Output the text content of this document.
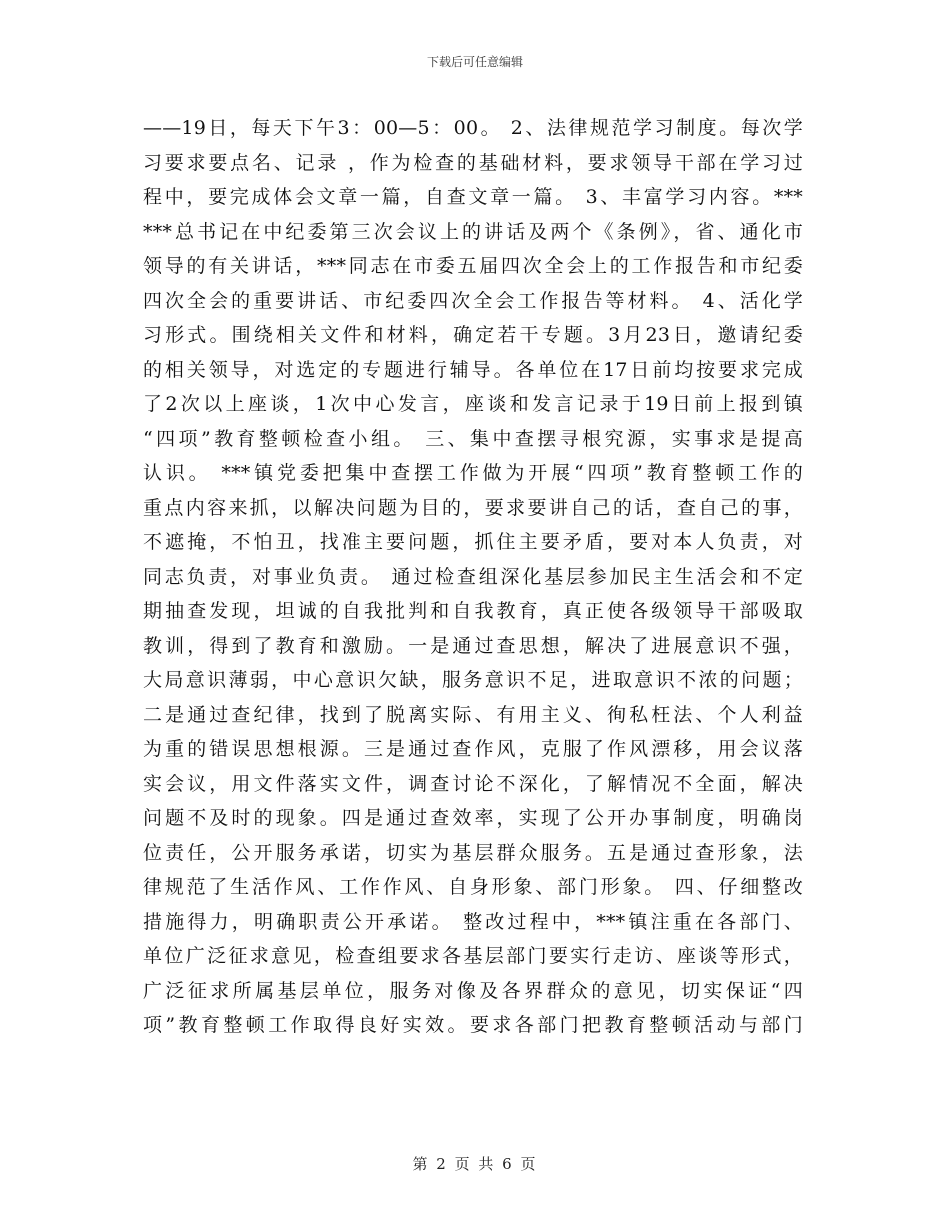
下载后可任意编辑
——19日，每天下午3：00—5：00。 2、法律规范学习制度。每次学
习要求要点名、记录 ，作为检查的基础材料，要求领导干部在学习过
程中，要完成体会文章一篇，自查文章一篇。 3、丰富学习内容。***
***总书记在中纪委第三次会议上的讲话及两个《条例》，省、通化市
领导的有关讲话，***同志在市委五届四次全会上的工作报告和市纪委
四次全会的重要讲话、市纪委四次全会工作报告等材料。 4、活化学
习形式。围绕相关文件和材料，确定若干专题。3月23日，邀请纪委
的相关领导，对选定的专题进行辅导。各单位在17日前均按要求完成
了2次以上座谈，1次中心发言，座谈和发言记录于19日前上报到镇
“四项”教育整顿检查小组。 三、集中查摆寻根究源，实事求是提高
认识。 ***镇党委把集中查摆工作做为开展“四项”教育整顿工作的
重点内容来抓，以解决问题为目的，要求要讲自己的话，查自己的事，
不遮掩，不怕丑，找准主要问题，抓住主要矛盾，要对本人负责，对
同志负责，对事业负责。 通过检查组深化基层参加民主生活会和不定
期抽查发现，坦诚的自我批判和自我教育，真正使各级领导干部吸取
教训，得到了教育和激励。一是通过查思想，解决了进展意识不强，
大局意识薄弱，中心意识欠缺，服务意识不足，进取意识不浓的问题；
二是通过查纪律，找到了脱离实际、有用主义、徇私枉法、个人利益
为重的错误思想根源。三是通过查作风，克服了作风漂移，用会议落
实会议，用文件落实文件，调查讨论不深化，了解情况不全面，解决
问题不及时的现象。四是通过查效率，实现了公开办事制度，明确岗
位责任，公开服务承诺，切实为基层群众服务。五是通过查形象，法
律规范了生活作风、工作作风、自身形象、部门形象。 四、仔细整改
措施得力，明确职责公开承诺。 整改过程中，***镇注重在各部门、
单位广泛征求意见，检查组要求各基层部门要实行走访、座谈等形式，
广泛征求所属基层单位，服务对像及各界群众的意见，切实保证“四
项”教育整顿工作取得良好实效。要求各部门把教育整顿活动与部门
第 2 页 共 6 页
